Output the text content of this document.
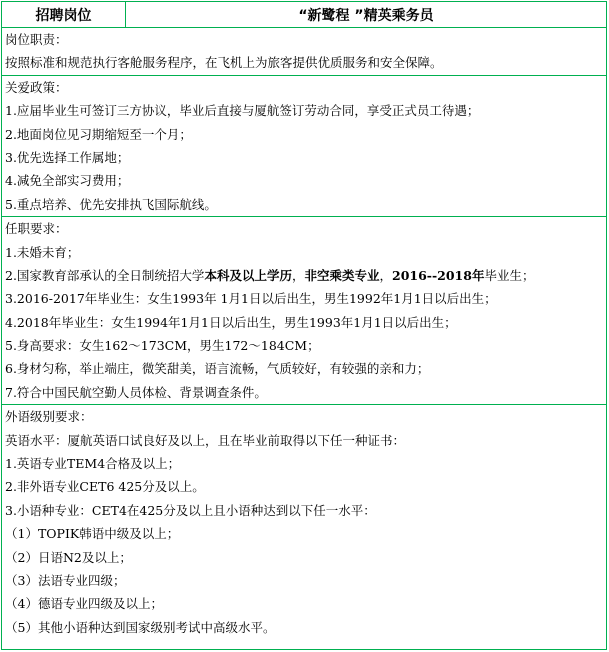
招聘岗位	“新鹭程 ”精英乘务员
岗位职责：
按照标准和规范执行客舱服务程序，在飞机上为旅客提供优质服务和安全保障。
关爱政策：
1.应届毕业生可签订三方协议，毕业后直接与厦航签订劳动合同，享受正式员工待遇；
2.地面岗位见习期缩短至一个月；
3.优先选择工作属地；
4.减免全部实习费用；
5.重点培养、优先安排执飞国际航线。
任职要求：
1.未婚未育；
2.国家教育部承认的全日制统招大学本科及以上学历，非空乘类专业，2016--2018年毕业生；
3.2016-2017年毕业生：女生1993年 1月1日以后出生，男生1992年1月1日以后出生；
4.2018年毕业生：女生1994年1月1日以后出生，男生1993年1月1日以后出生；
5.身高要求：女生162～173CM，男生172～184CM；
6.身材匀称，举止端庄，微笑甜美，语言流畅，气质较好，有较强的亲和力；
7.符合中国民航空勤人员体检、背景调查条件。
外语级别要求：
英语水平：厦航英语口试良好及以上，且在毕业前取得以下任一种证书：
1.英语专业TEM4合格及以上；
2.非外语专业CET6 425分及以上。
3.小语种专业：CET4在425分及以上且小语种达到以下任一水平：
（1）TOPIK韩语中级及以上；
（2）日语N2及以上；
（3）法语专业四级；
（4）德语专业四级及以上；
（5）其他小语种达到国家级别考试中高级水平。
